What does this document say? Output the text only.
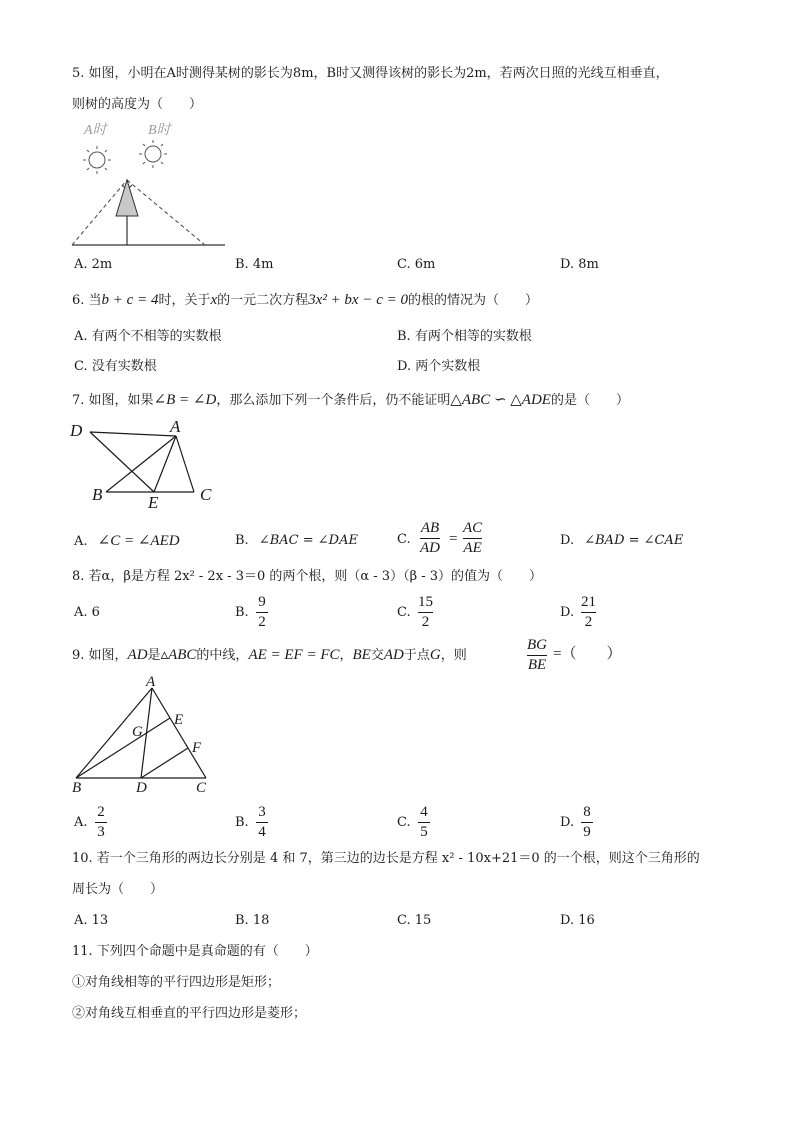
5. 如图，小明在A时测得某树的影长为8m，B时又测得该树的影长为2m，若两次日照的光线互相垂直，
则树的高度为（　　）
A时	B时
A. 2m	B. 4m	C. 6m	D. 8m
6. 当b + c = 4时，关于x的一元二次方程3x² + bx − c = 0的根的情况为（　　）
A. 有两个不相等的实数根	B. 有两个相等的实数根
C. 没有实数根	D. 两个实数根
7. 如图，如果∠B = ∠D，那么添加下列一个条件后，仍不能证明△ABC ∽ △ADE的是（　　）
D	A
B	E C
A. ∠C = ∠AED	B. ∠BAC = ∠DAE	C.
AB
AD
=
AC
AE	D. ∠BAD = ∠CAE
8. 若α，β是方程 2x² - 2x - 3＝0 的两个根，则（α - 3）（β - 3）的值为（　　）
A. 6	B.
9
2
C.
15
2
D.
21
2
9. 如图，AD是▵ABC的中线，AE = EF = FC，BE交AD于点G，则
BG
BE
=（　　）
A
E
G
F
B	D	C
A.
2
3
B.
3
4
C.
4
5
D.
8
9
10. 若一个三角形的两边长分别是 4 和 7，第三边的边长是方程 x² - 10x+21＝0 的一个根，则这个三角形的
周长为（　　）
A. 13	B. 18	C. 15	D. 16
11. 下列四个命题中是真命题的有（　　）
①对角线相等的平行四边形是矩形；
②对角线互相垂直的平行四边形是菱形；
